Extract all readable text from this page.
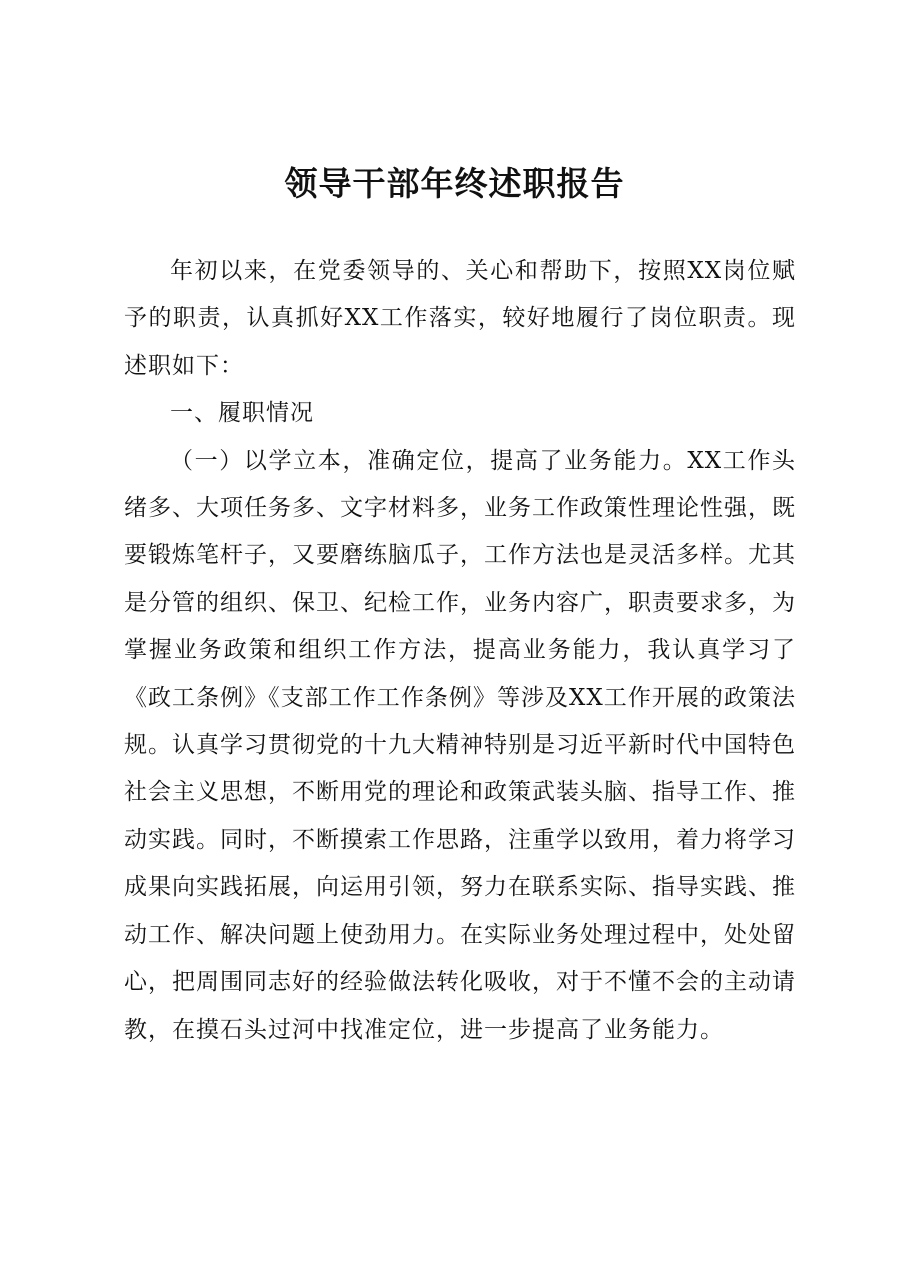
领导干部年终述职报告

年初以来，在党委领导的、关心和帮助下，按照XX岗位赋予的职责，认真抓好XX工作落实，较好地履行了岗位职责。现述职如下：

一、履职情况

（一）以学立本，准确定位，提高了业务能力。XX工作头绪多、大项任务多、文字材料多，业务工作政策性理论性强，既要锻炼笔杆子，又要磨练脑瓜子，工作方法也是灵活多样。尤其是分管的组织、保卫、纪检工作，业务内容广，职责要求多，为掌握业务政策和组织工作方法，提高业务能力，我认真学习了《政工条例》《支部工作工作条例》等涉及XX工作开展的政策法规。认真学习贯彻党的十九大精神特别是习近平新时代中国特色社会主义思想，不断用党的理论和政策武装头脑、指导工作、推动实践。同时，不断摸索工作思路，注重学以致用，着力将学习成果向实践拓展，向运用引领，努力在联系实际、指导实践、推动工作、解决问题上使劲用力。在实际业务处理过程中，处处留心，把周围同志好的经验做法转化吸收，对于不懂不会的主动请教，在摸石头过河中找准定位，进一步提高了业务能力。
